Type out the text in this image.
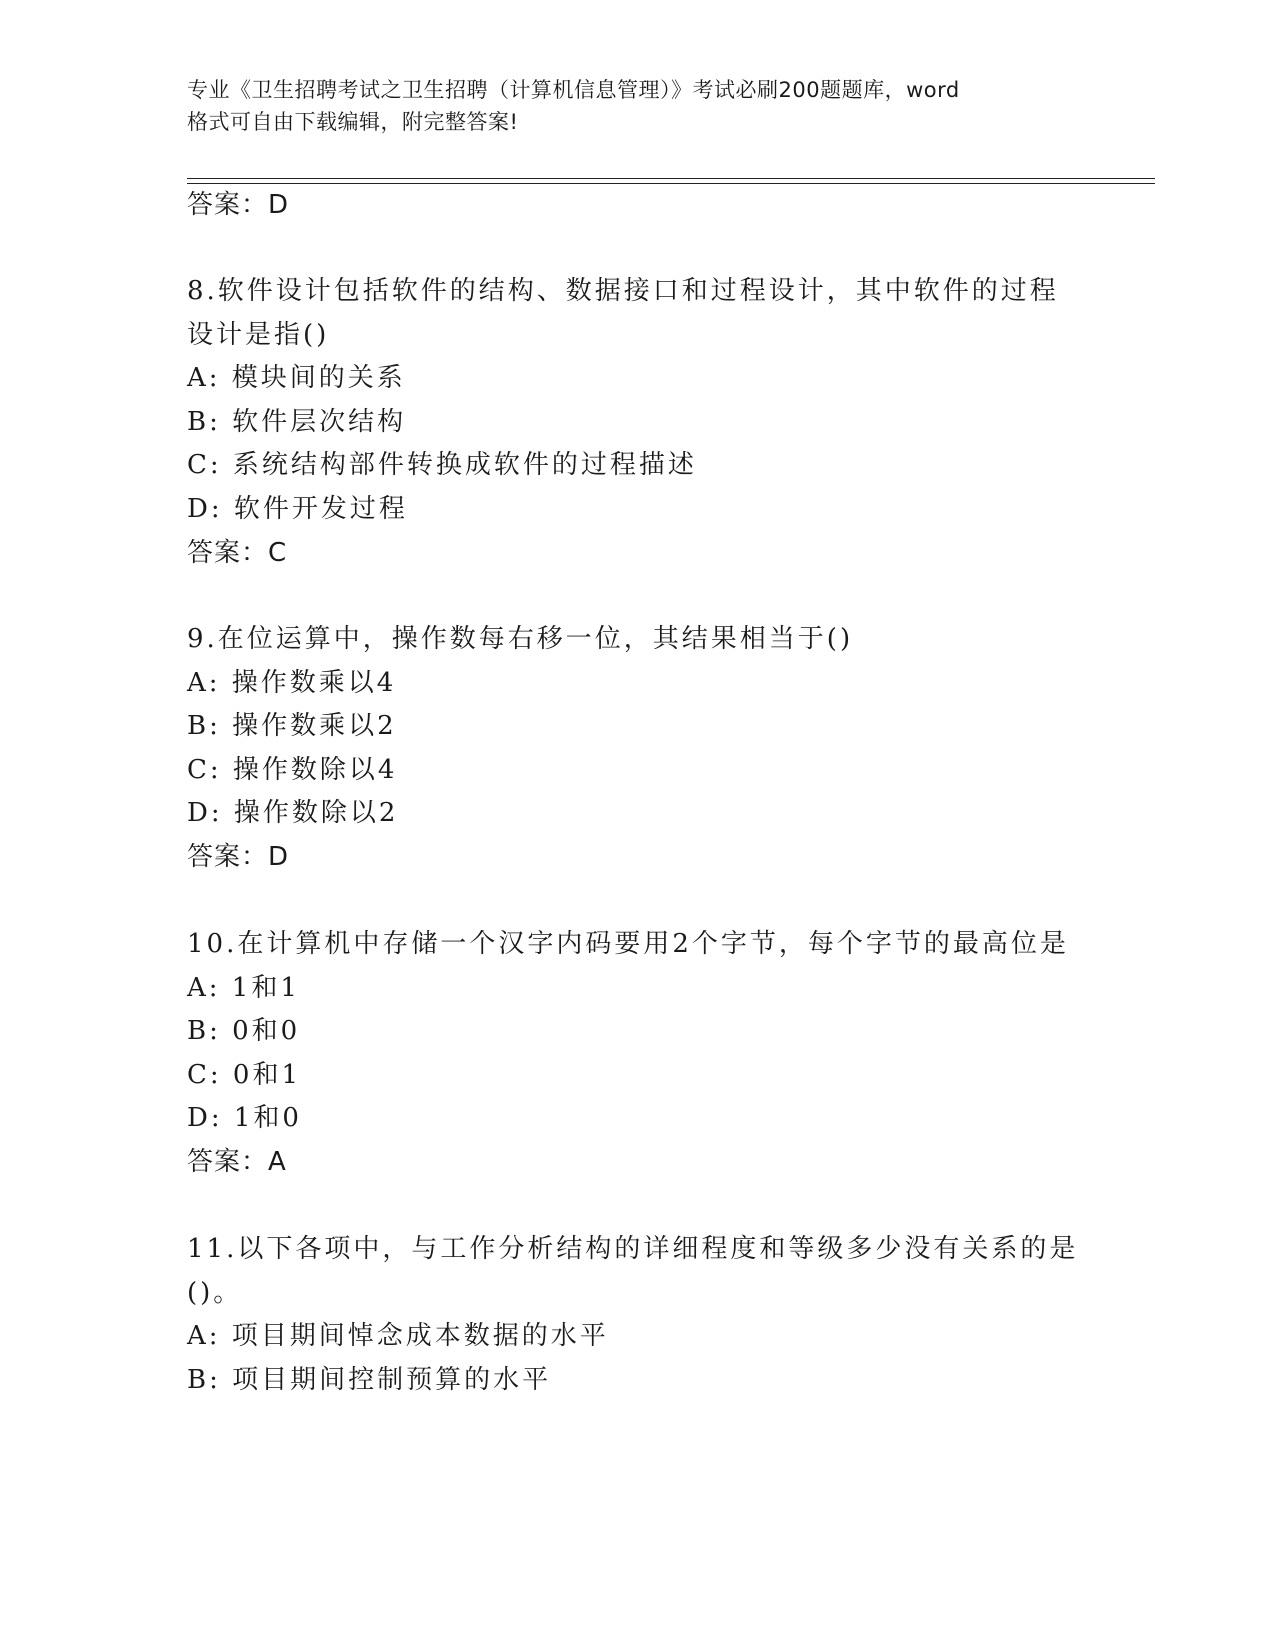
专业《卫生招聘考试之卫生招聘（计算机信息管理）》考试必刷200题题库，word
格式可自由下载编辑，附完整答案!
答案：D
8.软件设计包括软件的结构、数据接口和过程设计，其中软件的过程
设计是指()
A: 模块间的关系
B: 软件层次结构
C: 系统结构部件转换成软件的过程描述
D: 软件开发过程
答案：C
9.在位运算中，操作数每右移一位，其结果相当于()
A: 操作数乘以4
B: 操作数乘以2
C: 操作数除以4
D: 操作数除以2
答案：D
10.在计算机中存储一个汉字内码要用2个字节，每个字节的最高位是
A: 1和1
B: 0和0
C: 0和1
D: 1和0
答案：A
11.以下各项中，与工作分析结构的详细程度和等级多少没有关系的是
()。
A: 项目期间悼念成本数据的水平
B: 项目期间控制预算的水平
